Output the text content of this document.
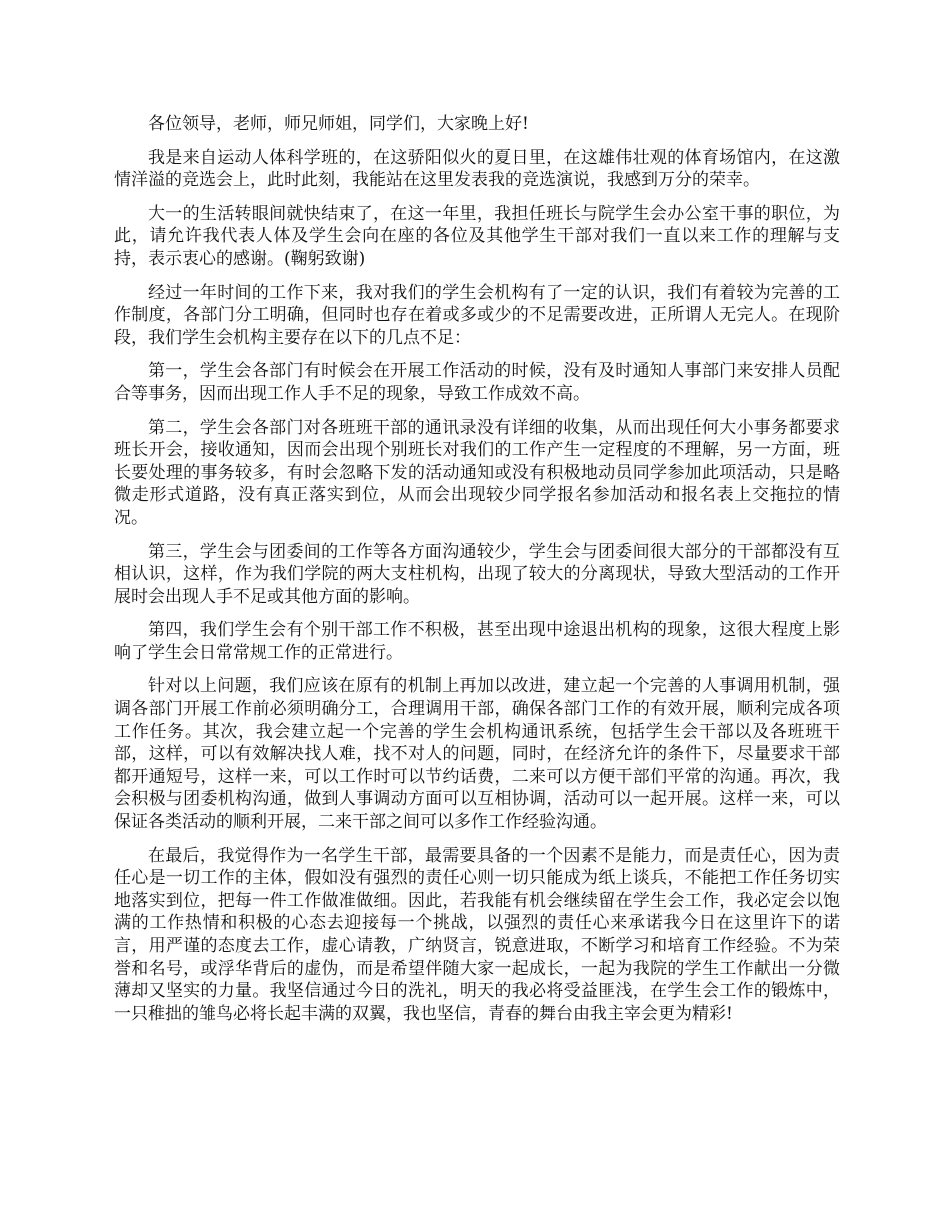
各位领导，老师，师兄师姐，同学们，大家晚上好!

我是来自运动人体科学班的，在这骄阳似火的夏日里，在这雄伟壮观的体育场馆内，在这激情洋溢的竞选会上，此时此刻，我能站在这里发表我的竞选演说，我感到万分的荣幸。

大一的生活转眼间就快结束了，在这一年里，我担任班长与院学生会办公室干事的职位，为此，请允许我代表人体及学生会向在座的各位及其他学生干部对我们一直以来工作的理解与支持，表示衷心的感谢。(鞠躬致谢)

经过一年时间的工作下来，我对我们的学生会机构有了一定的认识，我们有着较为完善的工作制度，各部门分工明确，但同时也存在着或多或少的不足需要改进，正所谓人无完人。在现阶段，我们学生会机构主要存在以下的几点不足：

第一，学生会各部门有时候会在开展工作活动的时候，没有及时通知人事部门来安排人员配合等事务，因而出现工作人手不足的现象，导致工作成效不高。

第二，学生会各部门对各班班干部的通讯录没有详细的收集，从而出现任何大小事务都要求班长开会，接收通知，因而会出现个别班长对我们的工作产生一定程度的不理解，另一方面，班长要处理的事务较多，有时会忽略下发的活动通知或没有积极地动员同学参加此项活动，只是略微走形式道路，没有真正落实到位，从而会出现较少同学报名参加活动和报名表上交拖拉的情况。

第三，学生会与团委间的工作等各方面沟通较少，学生会与团委间很大部分的干部都没有互相认识，这样，作为我们学院的两大支柱机构，出现了较大的分离现状，导致大型活动的工作开展时会出现人手不足或其他方面的影响。

第四，我们学生会有个别干部工作不积极，甚至出现中途退出机构的现象，这很大程度上影响了学生会日常常规工作的正常进行。

针对以上问题，我们应该在原有的机制上再加以改进，建立起一个完善的人事调用机制，强调各部门开展工作前必须明确分工，合理调用干部，确保各部门工作的有效开展，顺利完成各项工作任务。其次，我会建立起一个完善的学生会机构通讯系统，包括学生会干部以及各班班干部，这样，可以有效解决找人难，找不对人的问题，同时，在经济允许的条件下，尽量要求干部都开通短号，这样一来，可以工作时可以节约话费，二来可以方便干部们平常的沟通。再次，我会积极与团委机构沟通，做到人事调动方面可以互相协调，活动可以一起开展。这样一来，可以保证各类活动的顺利开展，二来干部之间可以多作工作经验沟通。

在最后，我觉得作为一名学生干部，最需要具备的一个因素不是能力，而是责任心，因为责任心是一切工作的主体，假如没有强烈的责任心则一切只能成为纸上谈兵，不能把工作任务切实地落实到位，把每一件工作做准做细。因此，若我能有机会继续留在学生会工作，我必定会以饱满的工作热情和积极的心态去迎接每一个挑战，以强烈的责任心来承诺我今日在这里许下的诺言，用严谨的态度去工作，虚心请教，广纳贤言，锐意进取，不断学习和培育工作经验。不为荣誉和名号，或浮华背后的虚伪，而是希望伴随大家一起成长，一起为我院的学生工作献出一分微薄却又坚实的力量。我坚信通过今日的洗礼，明天的我必将受益匪浅，在学生会工作的锻炼中，一只稚拙的雏鸟必将长起丰满的双翼，我也坚信，青春的舞台由我主宰会更为精彩!
